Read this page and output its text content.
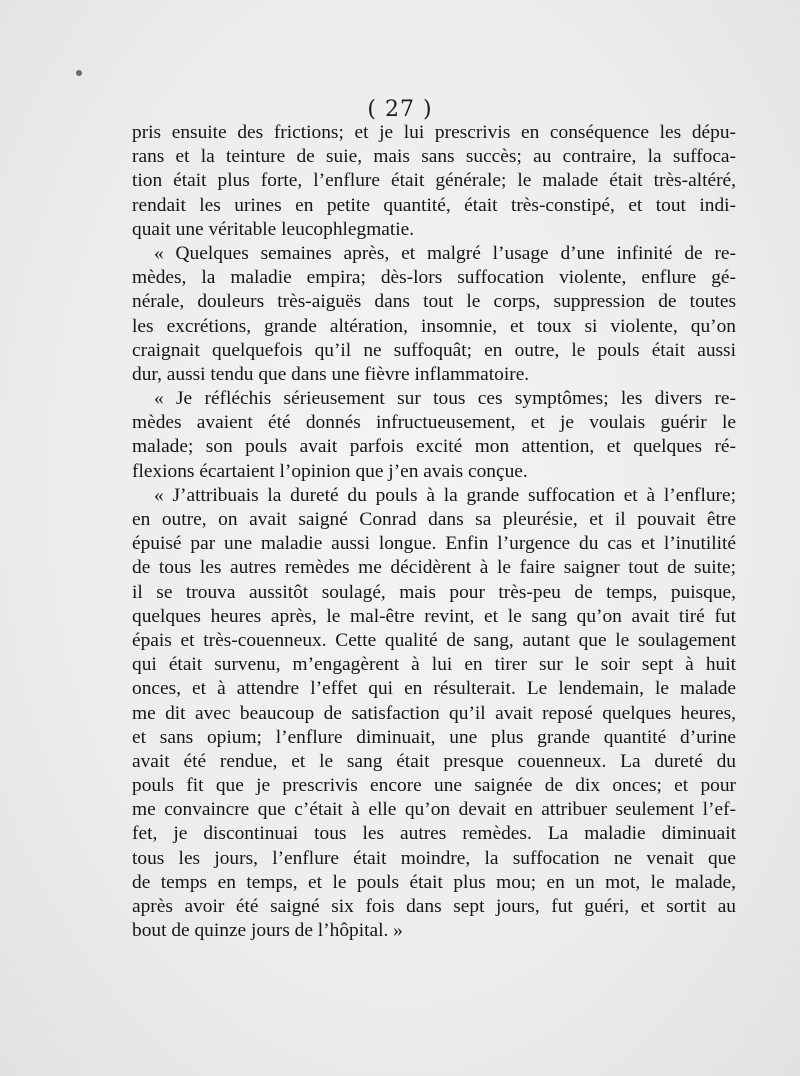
( 27 )
pris ensuite des frictions; et je lui prescrivis en conséquence les dépu-
rans et la teinture de suie, mais sans succès; au contraire, la suffoca-
tion était plus forte, l’enflure était générale; le malade était très-altéré,
rendait les urines en petite quantité, était très-constipé, et tout indi-
quait une véritable leucophlegmatie.
« Quelques semaines après, et malgré l’usage d’une infinité de re-
mèdes, la maladie empira; dès-lors suffocation violente, enflure gé-
nérale, douleurs très-aiguës dans tout le corps, suppression de toutes
les excrétions, grande altération, insomnie, et toux si violente, qu’on
craignait quelquefois qu’il ne suffoquât; en outre, le pouls était aussi
dur, aussi tendu que dans une fièvre inflammatoire.
« Je réfléchis sérieusement sur tous ces symptômes; les divers re-
mèdes avaient été donnés infructueusement, et je voulais guérir le
malade; son pouls avait parfois excité mon attention, et quelques ré-
flexions écartaient l’opinion que j’en avais conçue.
« J’attribuais la dureté du pouls à la grande suffocation et à l’enflure;
en outre, on avait saigné Conrad dans sa pleurésie, et il pouvait être
épuisé par une maladie aussi longue. Enfin l’urgence du cas et l’inutilité
de tous les autres remèdes me décidèrent à le faire saigner tout de suite;
il se trouva aussitôt soulagé, mais pour très-peu de temps, puisque,
quelques heures après, le mal-être revint, et le sang qu’on avait tiré fut
épais et très-couenneux. Cette qualité de sang, autant que le soulagement
qui était survenu, m’engagèrent à lui en tirer sur le soir sept à huit
onces, et à attendre l’effet qui en résulterait. Le lendemain, le malade
me dit avec beaucoup de satisfaction qu’il avait reposé quelques heures,
et sans opium; l’enflure diminuait, une plus grande quantité d’urine
avait été rendue, et le sang était presque couenneux. La dureté du
pouls fit que je prescrivis encore une saignée de dix onces; et pour
me convaincre que c’était à elle qu’on devait en attribuer seulement l’ef-
fet, je discontinuai tous les autres remèdes. La maladie diminuait
tous les jours, l’enflure était moindre, la suffocation ne venait que
de temps en temps, et le pouls était plus mou; en un mot, le malade,
après avoir été saigné six fois dans sept jours, fut guéri, et sortit au
bout de quinze jours de l’hôpital. »
